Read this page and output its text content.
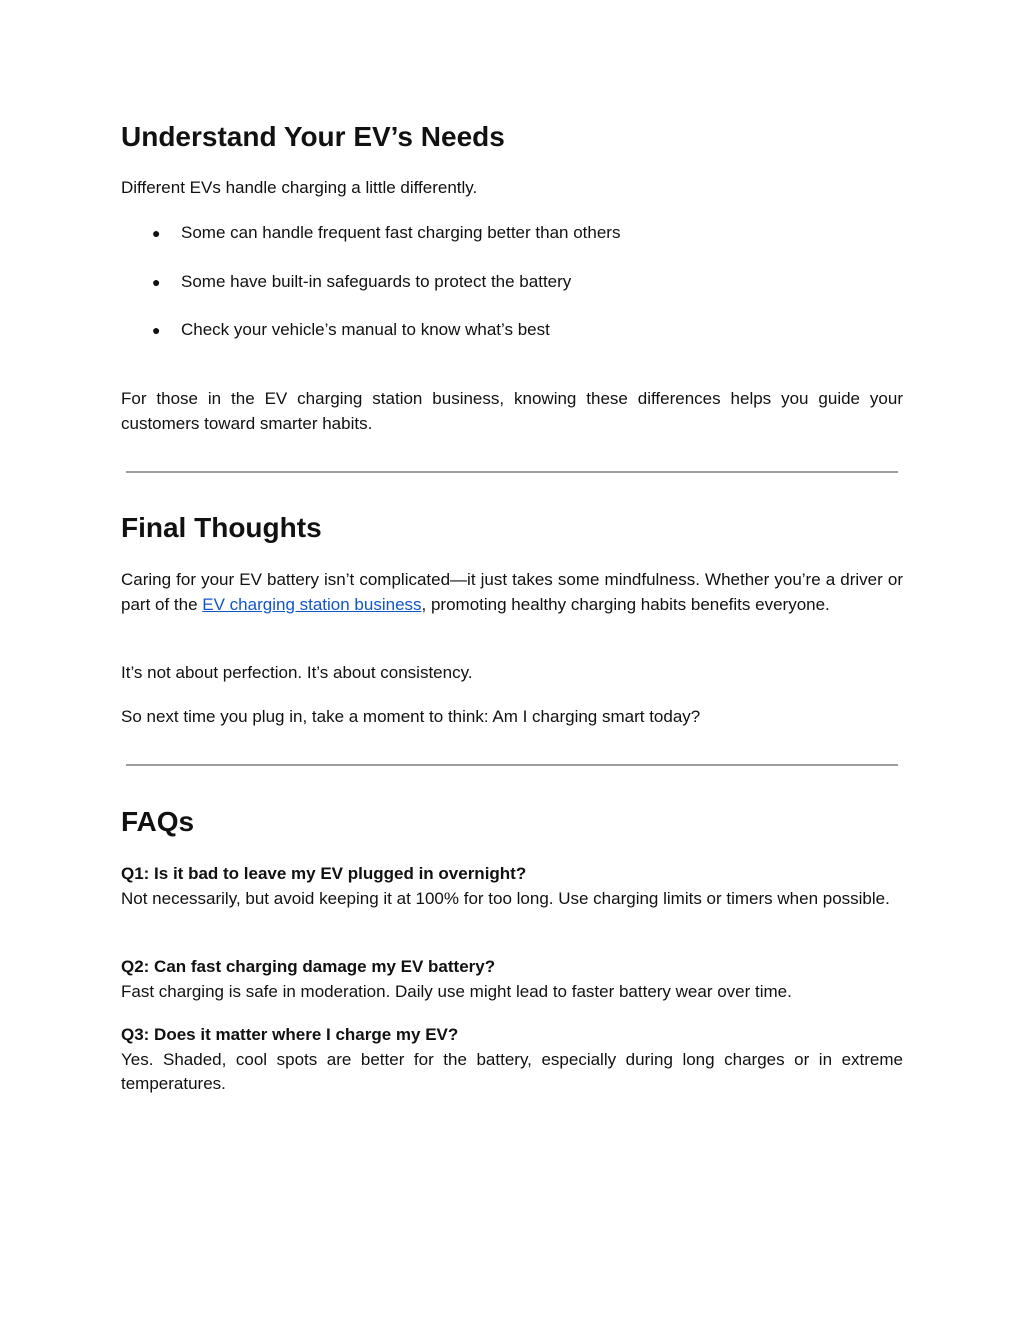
Understand Your EV’s Needs

Different EVs handle charging a little differently.

● Some can handle frequent fast charging better than others
● Some have built-in safeguards to protect the battery
● Check your vehicle’s manual to know what’s best

For those in the EV charging station business, knowing these differences helps you guide your customers toward smarter habits.

Final Thoughts

Caring for your EV battery isn’t complicated—it just takes some mindfulness. Whether you’re a driver or part of the EV charging station business, promoting healthy charging habits benefits everyone.

It’s not about perfection. It’s about consistency.

So next time you plug in, take a moment to think: Am I charging smart today?

FAQs

Q1: Is it bad to leave my EV plugged in overnight?

Not necessarily, but avoid keeping it at 100% for too long. Use charging limits or timers when possible.

Q2: Can fast charging damage my EV battery?

Fast charging is safe in moderation. Daily use might lead to faster battery wear over time.

Q3: Does it matter where I charge my EV?

Yes. Shaded, cool spots are better for the battery, especially during long charges or in extreme temperatures.
